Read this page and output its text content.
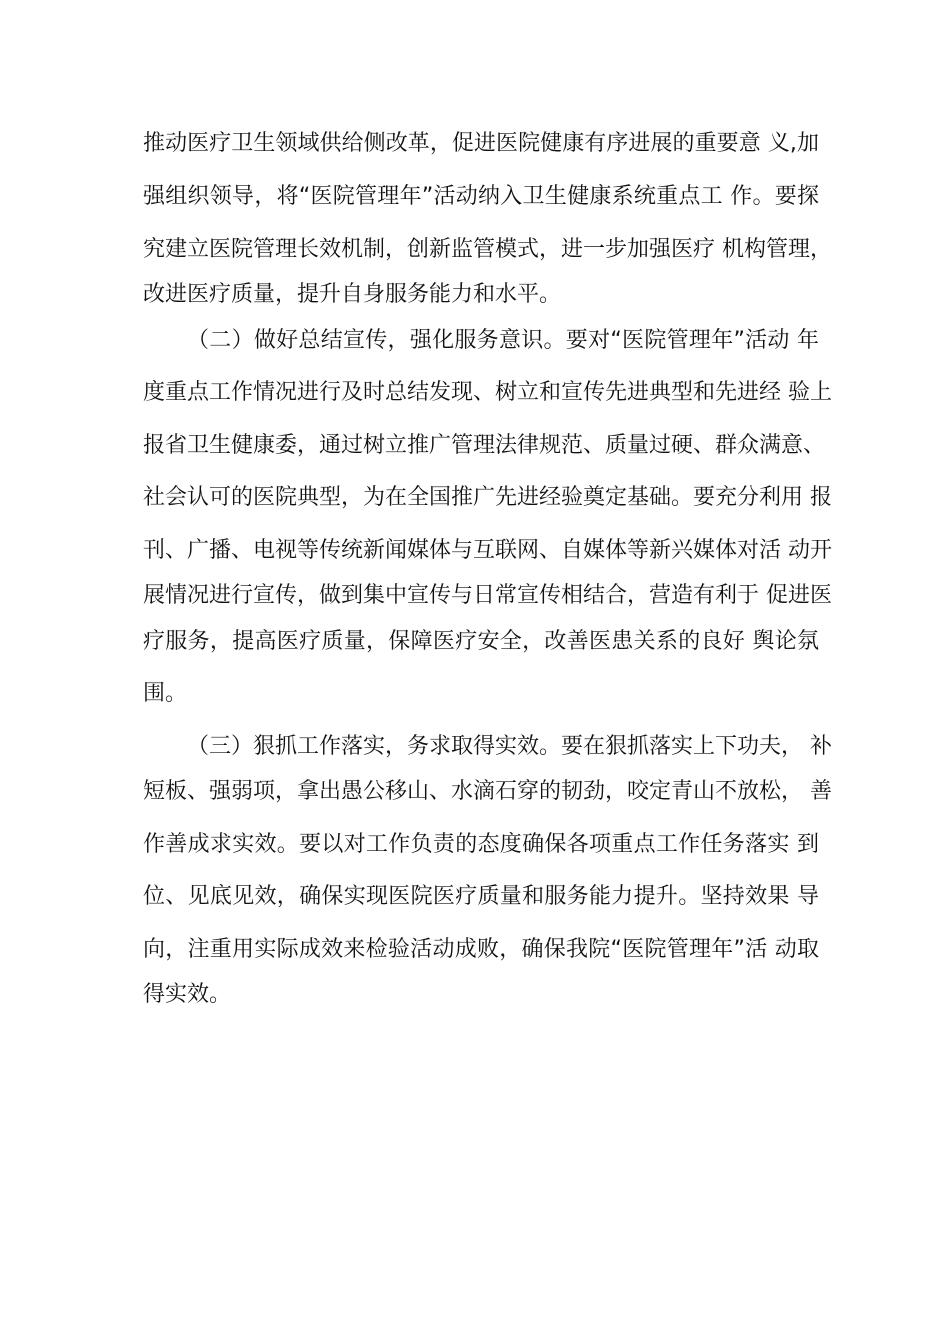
推动医疗卫生领域供给侧改革，促进医院健康有序进展的重要意 义,加
强组织领导，将“医院管理年”活动纳入卫生健康系统重点工 作。要探
究建立医院管理长效机制，创新监管模式，进一步加强医疗 机构管理，
改进医疗质量，提升自身服务能力和水平。
（二）做好总结宣传，强化服务意识。要对“医院管理年”活动 年
度重点工作情况进行及时总结发现、树立和宣传先进典型和先进经 验上
报省卫生健康委，通过树立推广管理法律规范、质量过硬、群众满意、
社会认可的医院典型，为在全国推广先进经验奠定基础。要充分利用 报
刊、广播、电视等传统新闻媒体与互联网、自媒体等新兴媒体对活 动开
展情况进行宣传，做到集中宣传与日常宣传相结合，营造有利于 促进医
疗服务，提高医疗质量，保障医疗安全，改善医患关系的良好 舆论氛
围。
（三）狠抓工作落实，务求取得实效。要在狠抓落实上下功夫， 补
短板、强弱项，拿出愚公移山、水滴石穿的韧劲，咬定青山不放松， 善
作善成求实效。要以对工作负责的态度确保各项重点工作任务落实 到
位、见底见效，确保实现医院医疗质量和服务能力提升。坚持效果 导
向，注重用实际成效来检验活动成败，确保我院“医院管理年”活 动取
得实效。
